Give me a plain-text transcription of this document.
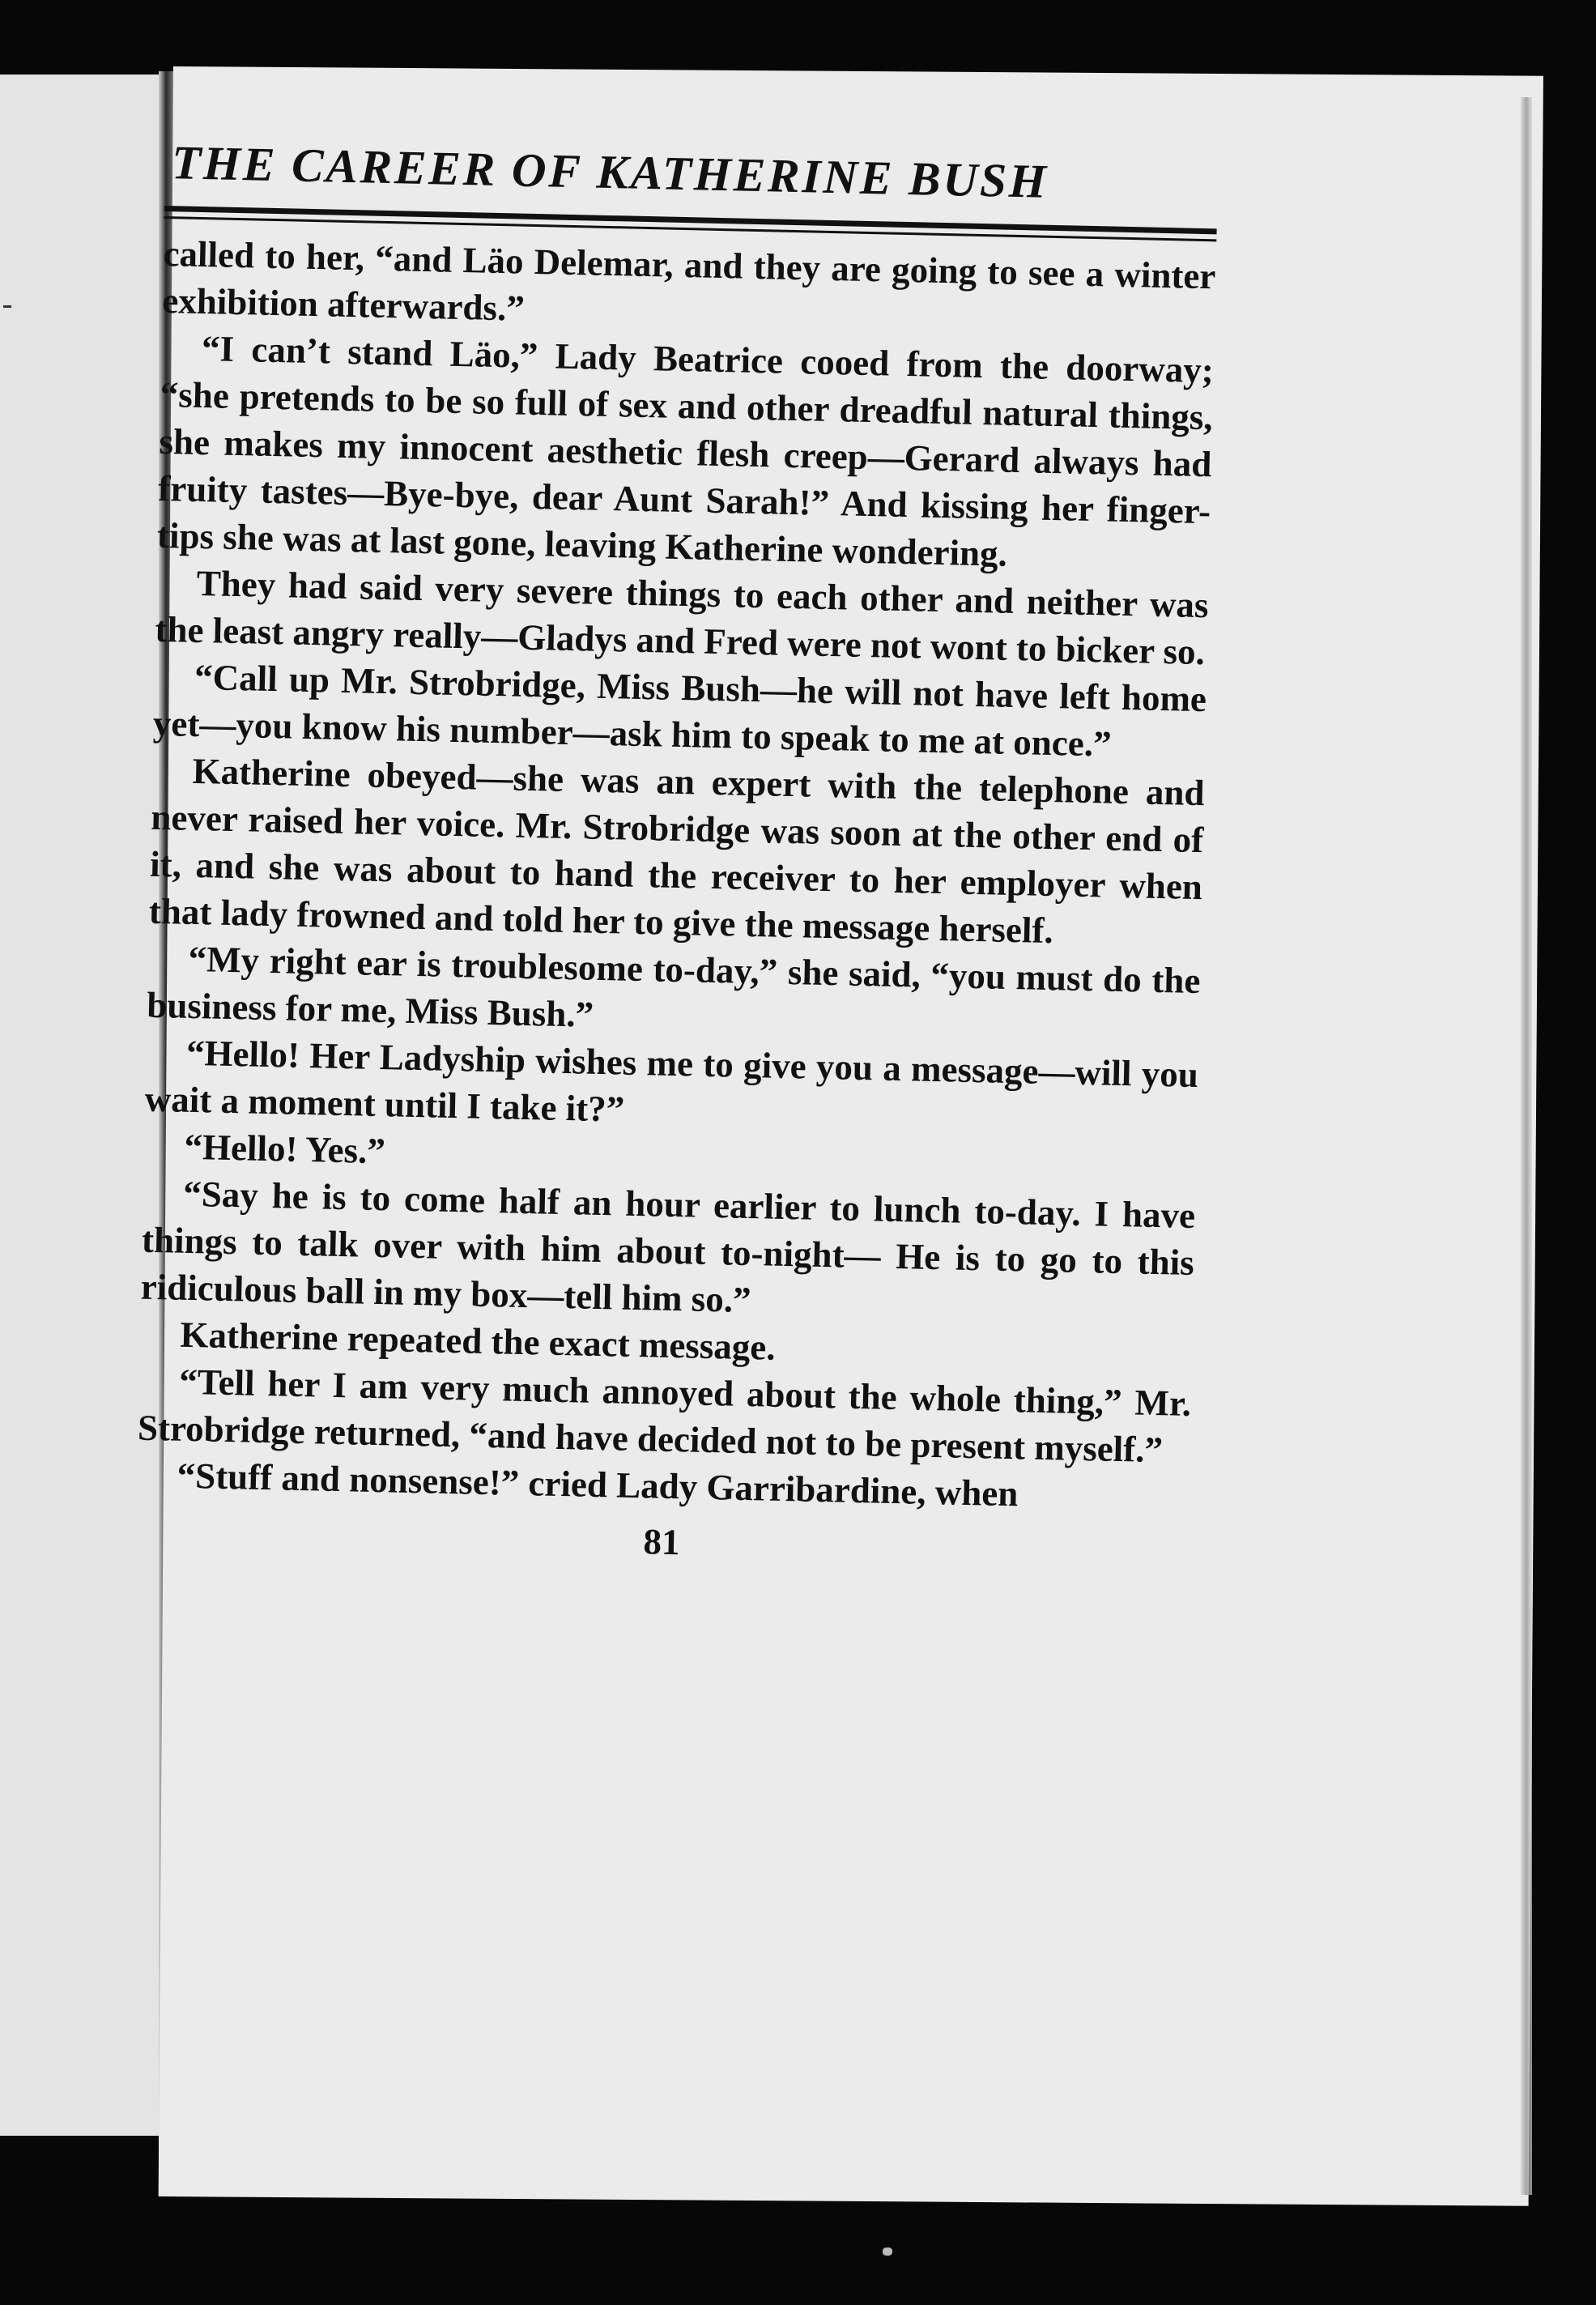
THE CAREER OF KATHERINE BUSH

called to her, “and Läo Delemar, and they are going to see a winter exhibition afterwards.”

“I can’t stand Läo,” Lady Beatrice cooed from the doorway; “she pretends to be so full of sex and other dreadful natural things, she makes my innocent aesthetic flesh creep—Gerard always had fruity tastes—Bye-bye, dear Aunt Sarah!” And kissing her finger-tips she was at last gone, leaving Katherine wondering.

They had said very severe things to each other and neither was the least angry really—Gladys and Fred were not wont to bicker so.

“Call up Mr. Strobridge, Miss Bush—he will not have left home yet—you know his number—ask him to speak to me at once.”

Katherine obeyed—she was an expert with the telephone and never raised her voice. Mr. Strobridge was soon at the other end of it, and she was about to hand the receiver to her employer when that lady frowned and told her to give the message herself.

“My right ear is troublesome to-day,” she said, “you must do the business for me, Miss Bush.”

“Hello! Her Ladyship wishes me to give you a message—will you wait a moment until I take it?”

“Hello! Yes.”

“Say he is to come half an hour earlier to lunch to-day. I have things to talk over with him about to-night— He is to go to this ridiculous ball in my box—tell him so.”

Katherine repeated the exact message.

“Tell her I am very much annoyed about the whole thing,” Mr. Strobridge returned, “and have decided not to be present myself.”

“Stuff and nonsense!” cried Lady Garribardine, when

81
